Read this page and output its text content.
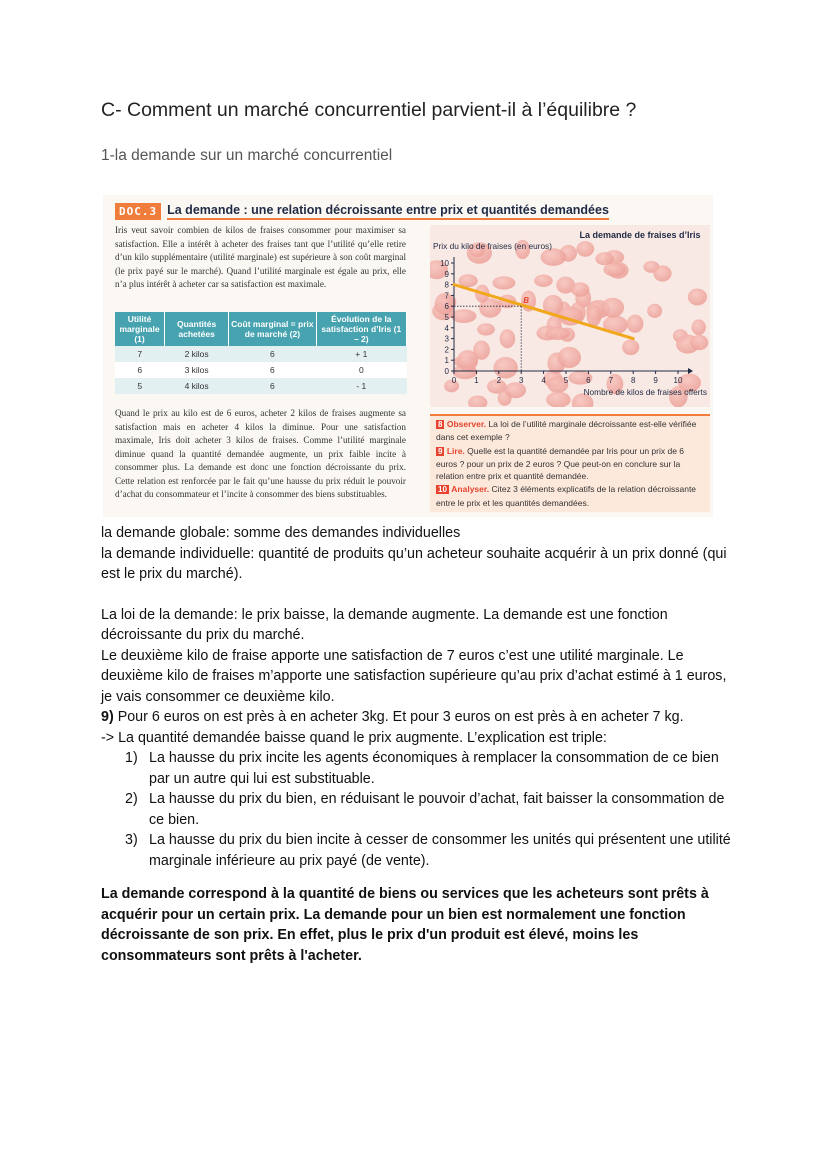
C- Comment un marché concurrentiel parvient-il à l’équilibre ?
1-la demande sur un marché concurrentiel
DOC.3 La demande : une relation décroissante entre prix et quantités demandées
Iris veut savoir combien de kilos de fraises consommer pour maximiser sa satisfaction. Elle a intérêt à acheter des fraises tant que l’utilité qu’elle retire d’un kilo supplémentaire (utilité marginale) est supérieure à son coût marginal (le prix payé sur le marché). Quand l’utilité marginale est égale au prix, elle n’a plus intérêt à acheter car sa satisfaction est maximale.
Utilité marginale (1)	Quantités achetées	Coût marginal = prix de marché (2)	Évolution de la satisfaction d’Iris (1 – 2)
7	2 kilos	6	+ 1
6	3 kilos	6	0
5	4 kilos	6	- 1
Quand le prix au kilo est de 6 euros, acheter 2 kilos de fraises augmente sa satisfaction mais en acheter 4 kilos la diminue. Pour une satisfaction maximale, Iris doit acheter 3 kilos de fraises. Comme l’utilité marginale diminue quand la quantité demandée augmente, un prix faible incite à consommer plus. La demande est donc une fonction décroissante du prix. Cette relation est renforcée par le fait qu’une hausse du prix réduit le pouvoir d’achat du consommateur et l’incite à consommer des biens substituables.
La demande de fraises d’Iris
Prix du kilo de fraises (en euros)
Nombre de kilos de fraises offerts
0 1 2 3 4 5 6 7 8 9 10
0
1
2
3
4
5
6
7
8
9
10
B

8 Observer. La loi de l’utilité marginale décroissante est-elle vérifiée dans cet exemple ?

9 Lire. Quelle est la quantité demandée par Iris pour un prix de 6 euros ? pour un prix de 2 euros ? Que peut-on en conclure sur la relation entre prix et quantité demandée.

10 Analyser. Citez 3 éléments explicatifs de la relation décroissante entre le prix et les quantités demandées.

la demande globale: somme des demandes individuelles

la demande individuelle: quantité de produits qu’un acheteur souhaite acquérir à un prix donné (qui est le prix du marché).

La loi de la demande: le prix baisse, la demande augmente. La demande est une fonction décroissante du prix du marché.

Le deuxième kilo de fraise apporte une satisfaction de 7 euros c’est une utilité marginale. Le deuxième kilo de fraises m’apporte une satisfaction supérieure qu’au prix d’achat estimé à 1 euros, je vais consommer ce deuxième kilo.

9) Pour 6 euros on est près à en acheter 3kg. Et pour 3 euros on est près à en acheter 7 kg.

-> La quantité demandée baisse quand le prix augmente. L’explication est triple:

1) La hausse du prix incite les agents économiques à remplacer la consommation de ce bien par un autre qui lui est substituable.
2) La hausse du prix du bien, en réduisant le pouvoir d’achat, fait baisser la consommation de ce bien.
3) La hausse du prix du bien incite à cesser de consommer les unités qui présentent une utilité marginale inférieure au prix payé (de vente).
La demande correspond à la quantité de biens ou services que les acheteurs sont prêts à acquérir pour un certain prix. La demande pour un bien est normalement une fonction décroissante de son prix. En effet, plus le prix d'un produit est élevé, moins les consommateurs sont prêts à l'acheter.
